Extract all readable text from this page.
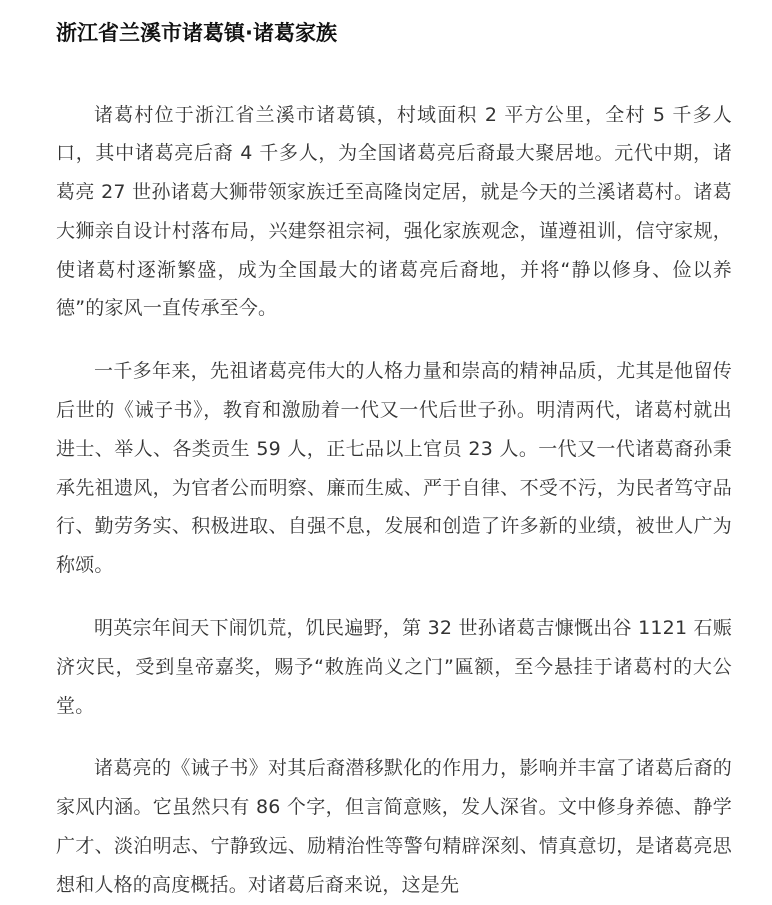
浙江省兰溪市诸葛镇·诸葛家族

诸葛村位于浙江省兰溪市诸葛镇，村域面积 2 平方公里，全村 5 千多人口，其中诸葛亮后裔 4 千多人，为全国诸葛亮后裔最大聚居地。元代中期，诸葛亮 27 世孙诸葛大狮带领家族迁至高隆岗定居，就是今天的兰溪诸葛村。诸葛大狮亲自设计村落布局，兴建祭祖宗祠，强化家族观念，谨遵祖训，信守家规，使诸葛村逐渐繁盛，成为全国最大的诸葛亮后裔地，并将“静以修身、俭以养德”的家风一直传承至今。

一千多年来，先祖诸葛亮伟大的人格力量和崇高的精神品质，尤其是他留传后世的《诫子书》，教育和激励着一代又一代后世子孙。明清两代，诸葛村就出进士、举人、各类贡生 59 人，正七品以上官员 23 人。一代又一代诸葛裔孙秉承先祖遗风，为官者公而明察、廉而生威、严于自律、不受不污，为民者笃守品行、勤劳务实、积极进取、自强不息，发展和创造了许多新的业绩，被世人广为称颂。

明英宗年间天下闹饥荒，饥民遍野，第 32 世孙诸葛吉慷慨出谷 1121 石赈济灾民，受到皇帝嘉奖，赐予“敕旌尚义之门”匾额，至今悬挂于诸葛村的大公堂。

诸葛亮的《诫子书》对其后裔潜移默化的作用力，影响并丰富了诸葛后裔的家风内涵。它虽然只有 86 个字，但言简意赅，发人深省。文中修身养德、静学广才、淡泊明志、宁静致远、励精治性等警句精辟深刻、情真意切，是诸葛亮思想和人格的高度概括。对诸葛后裔来说，这是先
